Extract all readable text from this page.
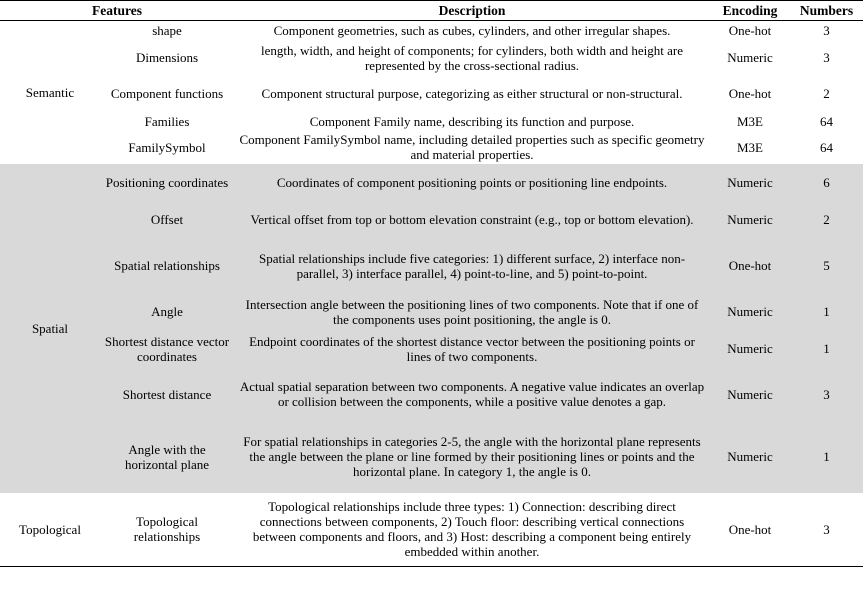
Features		Description	Encoding	Numbers
Semantic	shape	Component geometries, such as cubes, cylinders, and other irregular shapes.	One-hot	3
	Dimensions	length, width, and height of components; for cylinders, both width and height are represented by the cross-sectional radius.	Numeric	3
	Component functions	Component structural purpose, categorizing as either structural or non-structural.	One-hot	2
	Families	Component Family name, describing its function and purpose.	M3E	64
	FamilySymbol	Component FamilySymbol name, including detailed properties such as specific geometry and material properties.	M3E	64
Spatial	Positioning coordinates	Coordinates of component positioning points or positioning line endpoints.	Numeric	6
	Offset	Vertical offset from top or bottom elevation constraint (e.g., top or bottom elevation).	Numeric	2
	Spatial relationships	Spatial relationships include five categories: 1) different surface, 2) interface non-parallel, 3) interface parallel, 4) point-to-line, and 5) point-to-point.	One-hot	5
	Angle	Intersection angle between the positioning lines of two components. Note that if one of the components uses point positioning, the angle is 0.	Numeric	1
	Shortest distance vector coordinates	Endpoint coordinates of the shortest distance vector between the positioning points or lines of two components.	Numeric	1
	Shortest distance	Actual spatial separation between two components. A negative value indicates an overlap or collision between the components, while a positive value denotes a gap.	Numeric	3
	Angle with the horizontal plane	For spatial relationships in categories 2-5, the angle with the horizontal plane represents the angle between the plane or line formed by their positioning lines or points and the horizontal plane. In category 1, the angle is 0.	Numeric	1
Topological	Topological relationships	Topological relationships include three types: 1) Connection: describing direct connections between components, 2) Touch floor: describing vertical connections between components and floors, and 3) Host: describing a component being entirely embedded within another.	One-hot	3
